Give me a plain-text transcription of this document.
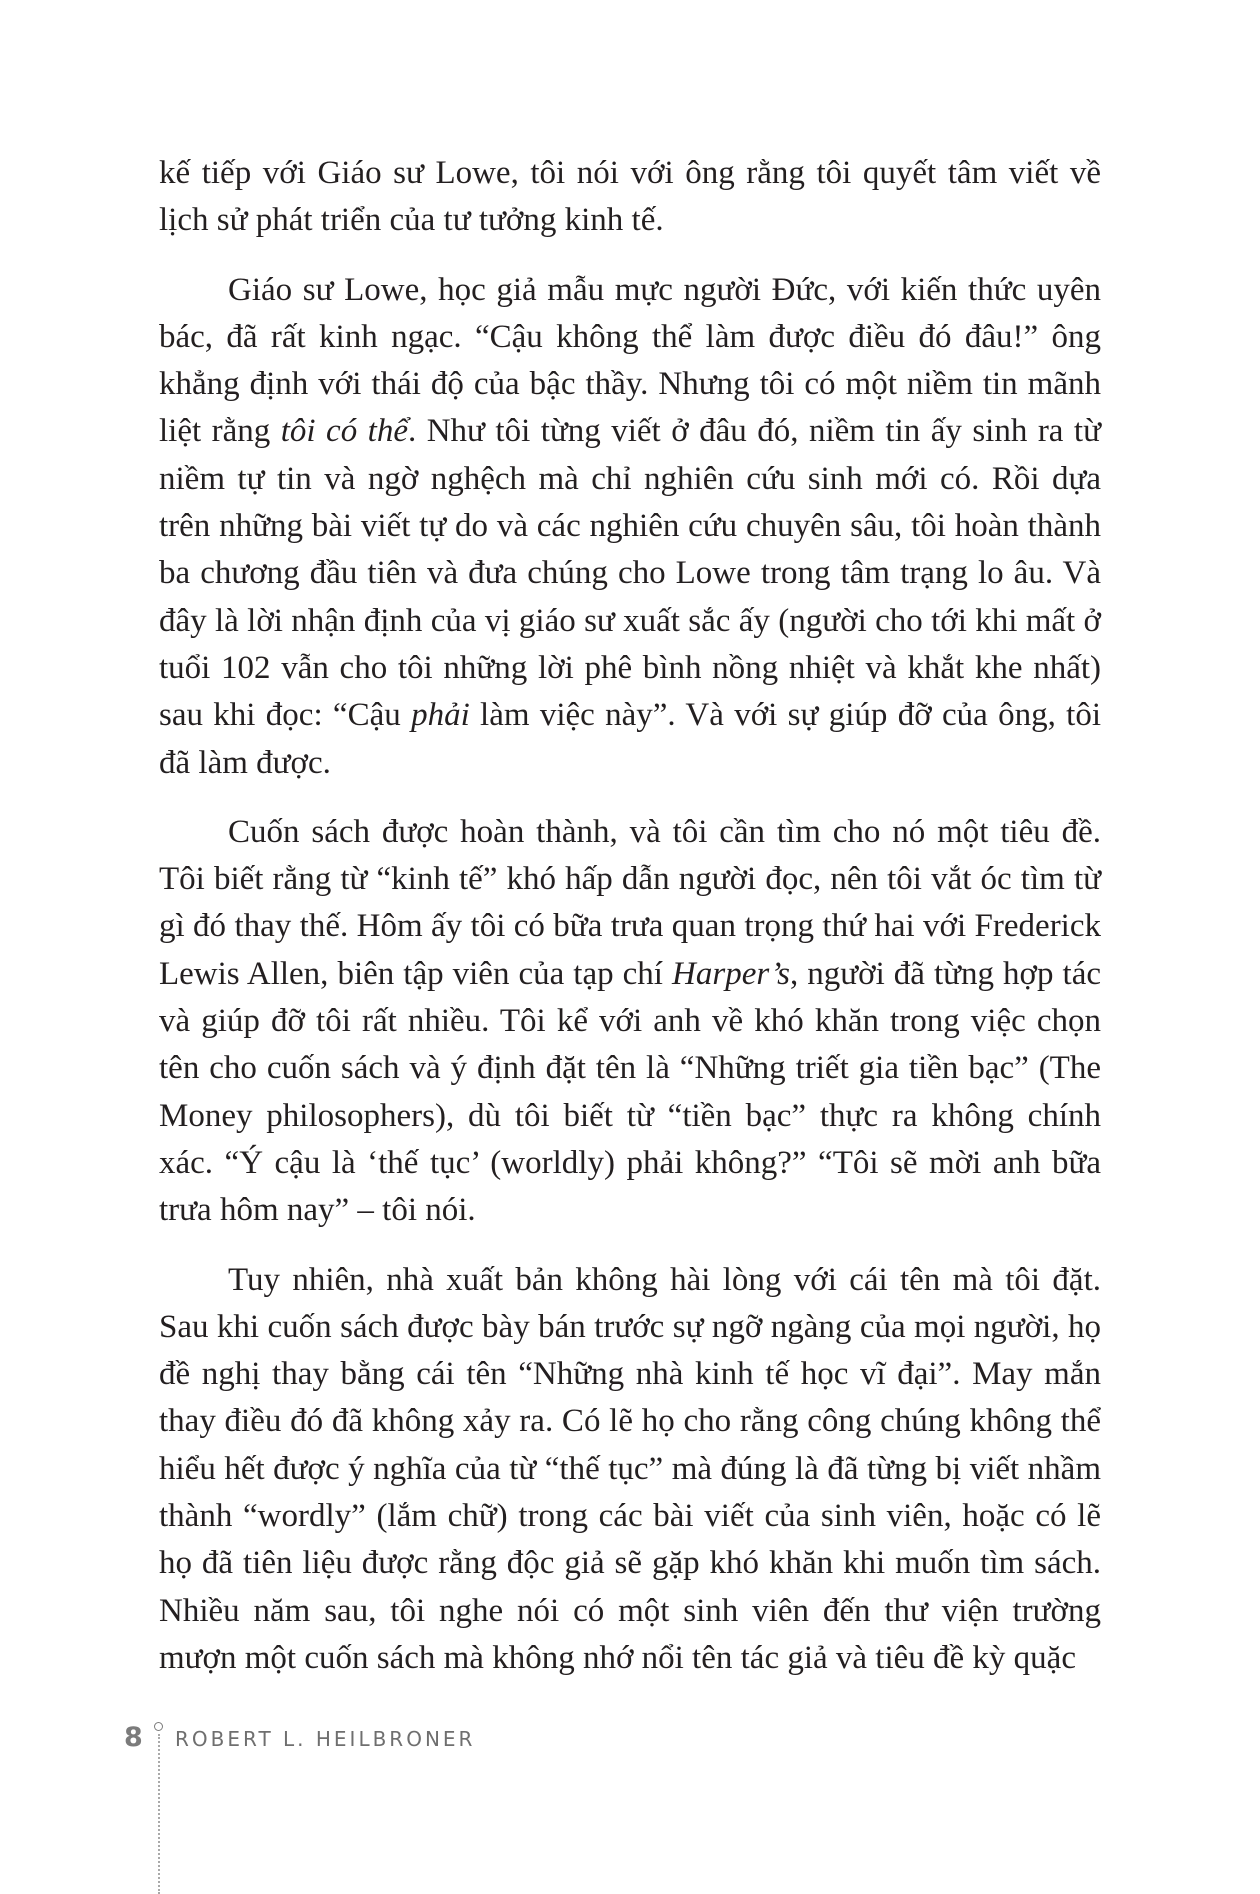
kế tiếp với Giáo sư Lowe, tôi nói với ông rằng tôi quyết tâm viết về lịch sử phát triển của tư tưởng kinh tế.

Giáo sư Lowe, học giả mẫu mực người Đức, với kiến thức uyên bác, đã rất kinh ngạc. “Cậu không thể làm được điều đó đâu!” ông khẳng định với thái độ của bậc thầy. Nhưng tôi có một niềm tin mãnh liệt rằng tôi có thể. Như tôi từng viết ở đâu đó, niềm tin ấy sinh ra từ niềm tự tin và ngờ nghệch mà chỉ nghiên cứu sinh mới có. Rồi dựa trên những bài viết tự do và các nghiên cứu chuyên sâu, tôi hoàn thành ba chương đầu tiên và đưa chúng cho Lowe trong tâm trạng lo âu. Và đây là lời nhận định của vị giáo sư xuất sắc ấy (người cho tới khi mất ở tuổi 102 vẫn cho tôi những lời phê bình nồng nhiệt và khắt khe nhất) sau khi đọc: “Cậu phải làm việc này”. Và với sự giúp đỡ của ông, tôi đã làm được.

Cuốn sách được hoàn thành, và tôi cần tìm cho nó một tiêu đề. Tôi biết rằng từ “kinh tế” khó hấp dẫn người đọc, nên tôi vắt óc tìm từ gì đó thay thế. Hôm ấy tôi có bữa trưa quan trọng thứ hai với Frederick Lewis Allen, biên tập viên của tạp chí Harper’s, người đã từng hợp tác và giúp đỡ tôi rất nhiều. Tôi kể với anh về khó khăn trong việc chọn tên cho cuốn sách và ý định đặt tên là “Những triết gia tiền bạc” (The Money philosophers), dù tôi biết từ “tiền bạc” thực ra không chính xác. “Ý cậu là ‘thế tục’ (worldly) phải không?” “Tôi sẽ mời anh bữa trưa hôm nay” – tôi nói.

Tuy nhiên, nhà xuất bản không hài lòng với cái tên mà tôi đặt. Sau khi cuốn sách được bày bán trước sự ngỡ ngàng của mọi người, họ đề nghị thay bằng cái tên “Những nhà kinh tế học vĩ đại”. May mắn thay điều đó đã không xảy ra. Có lẽ họ cho rằng công chúng không thể hiểu hết được ý nghĩa của từ “thế tục” mà đúng là đã từng bị viết nhầm thành “wordly” (lắm chữ) trong các bài viết của sinh viên, hoặc có lẽ họ đã tiên liệu được rằng độc giả sẽ gặp khó khăn khi muốn tìm sách. Nhiều năm sau, tôi nghe nói có một sinh viên đến thư viện trường mượn một cuốn sách mà không nhớ nổi tên tác giả và tiêu đề kỳ quặc

8 ROBERT L. HEILBRONER
